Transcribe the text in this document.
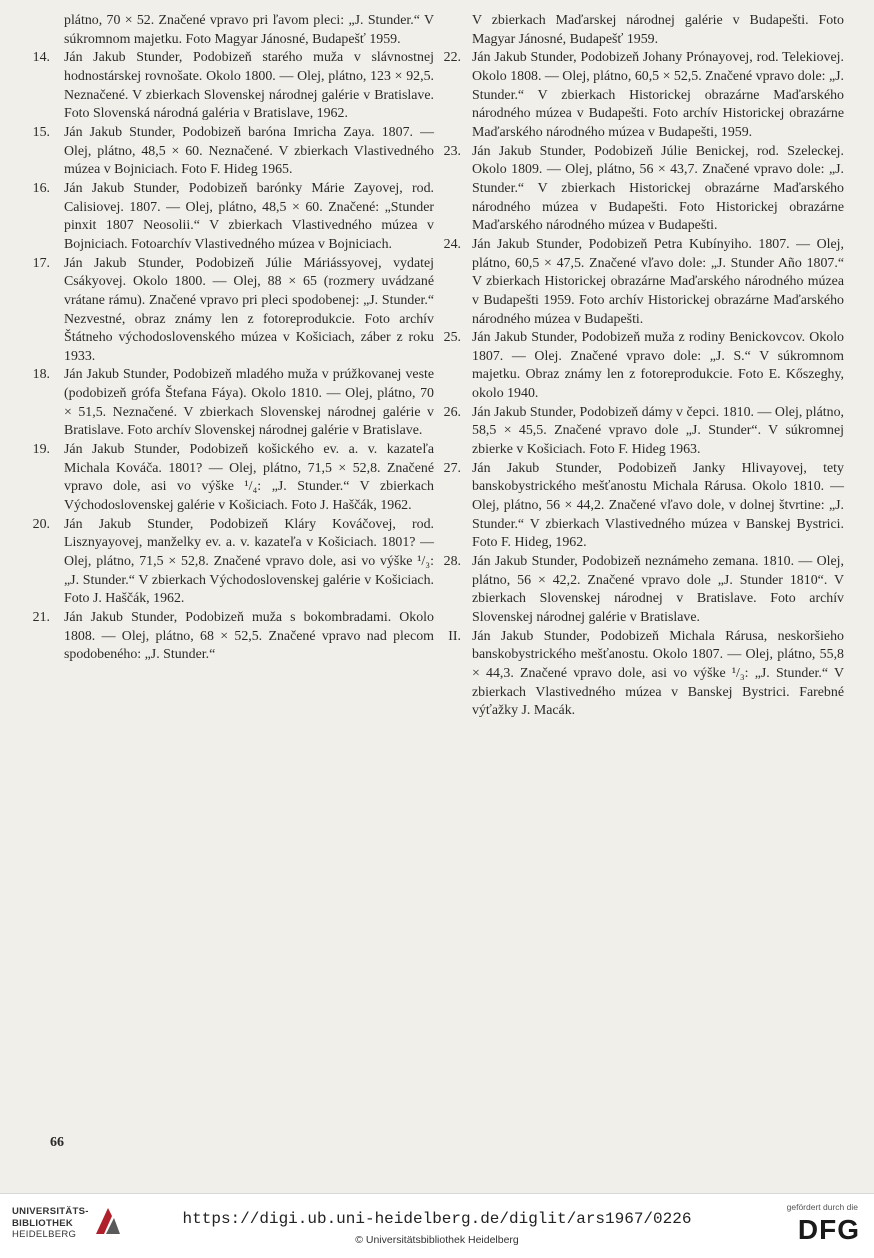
plátno, 70 × 52. Značené vpravo pri ľavom pleci: „J. Stunder.“ V súkromnom majetku. Foto Magyar Jánosné, Budapešť 1959.
14. Ján Jakub Stunder, Podobizeň starého muža v slávnostnej hodnostárskej rovnošate. Okolo 1800. — Olej, plátno, 123 × 92,5. Neznačené. V zbierkach Slovenskej národnej galérie v Bratislave. Foto Slovenská národná galéria v Bratislave, 1962.
15. Ján Jakub Stunder, Podobizeň baróna Imricha Zaya. 1807. — Olej, plátno, 48,5 × 60. Neznačené. V zbierkach Vlastivedného múzea v Bojniciach. Foto F. Hideg 1965.
16. Ján Jakub Stunder, Podobizeň barónky Márie Zayovej, rod. Calisiovej. 1807. — Olej, plátno, 48,5 × 60. Značené: „Stunder pinxit 1807 Neosolii.“ V zbierkach Vlastivedného múzea v Bojniciach. Fotoarchív Vlastivedného múzea v Bojniciach.
17. Ján Jakub Stunder, Podobizeň Júlie Máriássyovej, vydatej Csákyovej. Okolo 1800. — Olej, 88 × 65 (rozmery uvádzané vrátane rámu). Značené vpravo pri pleci spodobenej: „J. Stunder.“ Nezvestné, obraz známy len z fotoreprodukcie. Foto archív Štátneho východoslovenského múzea v Košiciach, záber z roku 1933.
18. Ján Jakub Stunder, Podobizeň mladého muža v prúžkovanej veste (podobizeň grófa Štefana Fáya). Okolo 1810. — Olej, plátno, 70 × 51,5. Neznačené. V zbierkach Slovenskej národnej galérie v Bratislave. Foto archív Slovenskej národnej galérie v Bratislave.
19. Ján Jakub Stunder, Podobizeň košického ev. a. v. kazateľa Michala Kováča. 1801? — Olej, plátno, 71,5 × 52,8. Značené vpravo dole, asi vo výške ¹/₄: „J. Stunder.“ V zbierkach Východoslovenskej galérie v Košiciach. Foto J. Haščák, 1962.
20. Ján Jakub Stunder, Podobizeň Kláry Kováčovej, rod. Lisznyayovej, manželky ev. a. v. kazateľa v Košiciach. 1801? — Olej, plátno, 71,5 × 52,8. Značené vpravo dole, asi vo výške ¹/₃: „J. Stunder.“ V zbierkach Východoslovenskej galérie v Košiciach. Foto J. Haščák, 1962.
21. Ján Jakub Stunder, Podobizeň muža s bokombradami. Okolo 1808. — Olej, plátno, 68 × 52,5. Značené vpravo nad plecom spodobeného: „J. Stunder.“
V zbierkach Maďarskej národnej galérie v Budapešti. Foto Magyar Jánosné, Budapešť 1959.
22. Ján Jakub Stunder, Podobizeň Johany Prónayovej, rod. Telekiovej. Okolo 1808. — Olej, plátno, 60,5 × 52,5. Značené vpravo dole: „J. Stunder.“ V zbierkach Historickej obrazárne Maďarského národného múzea v Budapešti. Foto archív Historickej obrazárne Maďarského národného múzea v Budapešti, 1959.
23. Ján Jakub Stunder, Podobizeň Júlie Benickej, rod. Szeleckej. Okolo 1809. — Olej, plátno, 56 × 43,7. Značené vpravo dole: „J. Stunder.“ V zbierkach Historickej obrazárne Maďarského národného múzea v Budapešti. Foto Historickej obrazárne Maďarského národného múzea v Budapešti.
24. Ján Jakub Stunder, Podobizeň Petra Kubínyiho. 1807. — Olej, plátno, 60,5 × 47,5. Značené vľavo dole: „J. Stunder Año 1807.“ V zbierkach Historickej obrazárne Maďarského národného múzea v Budapešti 1959. Foto archív Historickej obrazárne Maďarského národného múzea v Budapešti.
25. Ján Jakub Stunder, Podobizeň muža z rodiny Benickovcov. Okolo 1807. — Olej. Značené vpravo dole: „J. S.“ V súkromnom majetku. Obraz známy len z fotoreprodukcie. Foto E. Kőszeghy, okolo 1940.
26. Ján Jakub Stunder, Podobizeň dámy v čepci. 1810. — Olej, plátno, 58,5 × 45,5. Značené vpravo dole „J. Stunder“. V súkromnej zbierke v Košiciach. Foto F. Hideg 1963.
27. Ján Jakub Stunder, Podobizeň Janky Hlivayovej, tety banskobystrického mešťanostu Michala Rárusa. Okolo 1810. — Olej, plátno, 56 × 44,2. Značené vľavo dole, v dolnej štvrtine: „J. Stunder.“ V zbierkach Vlastivedného múzea v Banskej Bystrici. Foto F. Hideg, 1962.
28. Ján Jakub Stunder, Podobizeň neznámeho zemana. 1810. — Olej, plátno, 56 × 42,2. Značené vpravo dole „J. Stunder 1810“. V zbierkach Slovenskej národnej v Bratislave. Foto archív Slovenskej národnej galérie v Bratislave.
II. Ján Jakub Stunder, Podobizeň Michala Rárusa, neskoršieho banskobystrického mešťanostu. Okolo 1807. — Olej, plátno, 55,8 × 44,3. Značené vpravo dole, asi vo výške ¹/₃: „J. Stunder.“ V zbierkach Vlastivedného múzea v Banskej Bystrici. Farebné výťažky J. Macák.
66
UNIVERSITÄTS-
BIBLIOTHEK
HEIDELBERG
https://digi.ub.uni-heidelberg.de/diglit/ars1967/0226
© Universitätsbibliothek Heidelberg
gefördert durch die
DFG
